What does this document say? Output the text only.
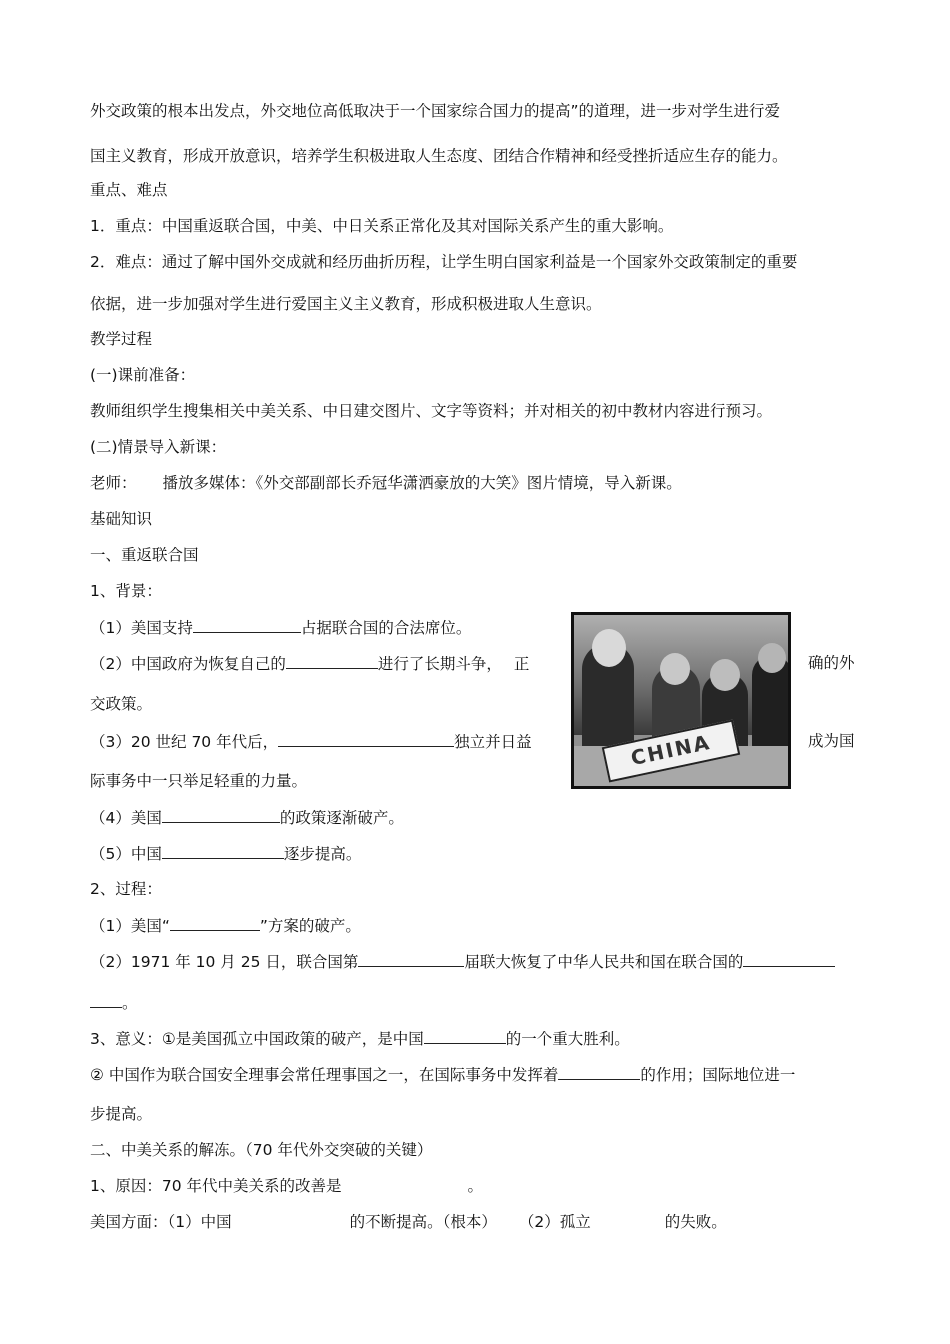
外交政策的根本出发点，外交地位高低取决于一个国家综合国力的提高”的道理，进一步对学生进行爱
国主义教育，形成开放意识，培养学生积极进取人生态度、团结合作精神和经受挫折适应生存的能力。
重点、难点
1．重点：中国重返联合国，中美、中日关系正常化及其对国际关系产生的重大影响。
2．难点：通过了解中国外交成就和经历曲折历程，让学生明白国家利益是一个国家外交政策制定的重要
依据，进一步加强对学生进行爱国主义主义教育，形成积极进取人生意识。
教学过程
(一)课前准备：
教师组织学生搜集相关中美关系、中日建交图片、文字等资料；并对相关的初中教材内容进行预习。
(二)情景导入新课：
老师： 播放多媒体：《外交部副部长乔冠华潇洒豪放的大笑》图片情境，导入新课。
基础知识
一、重返联合国
1、背景：
（1）美国支持	占据联合国的合法席位。
（2）中国政府为恢复自己的	进行了长期斗争， 正	确的外
交政策。
（3）20 世纪 70 年代后，	独立并日益	成为国
际事务中一只举足轻重的力量。
（4）美国	的政策逐渐破产。
（5）中国	逐步提高。
2、过程：
（1）美国“	”方案的破产。
（2）1971 年 10 月 25 日，联合国第	届联大恢复了中华人民共和国在联合国的
。
3、意义：①是美国孤立中国政策的破产，是中国	的一个重大胜利。
② 中国作为联合国安全理事会常任理事国之一，在国际事务中发挥着	的作用；国际地位进一
步提高。
二、中美关系的解冻。（70 年代外交突破的关键）
1、原因：70 年代中美关系的改善是	。
美国方面：（1）中国	的不断提高。（根本） （2）孤立	的失败。
CHINA
